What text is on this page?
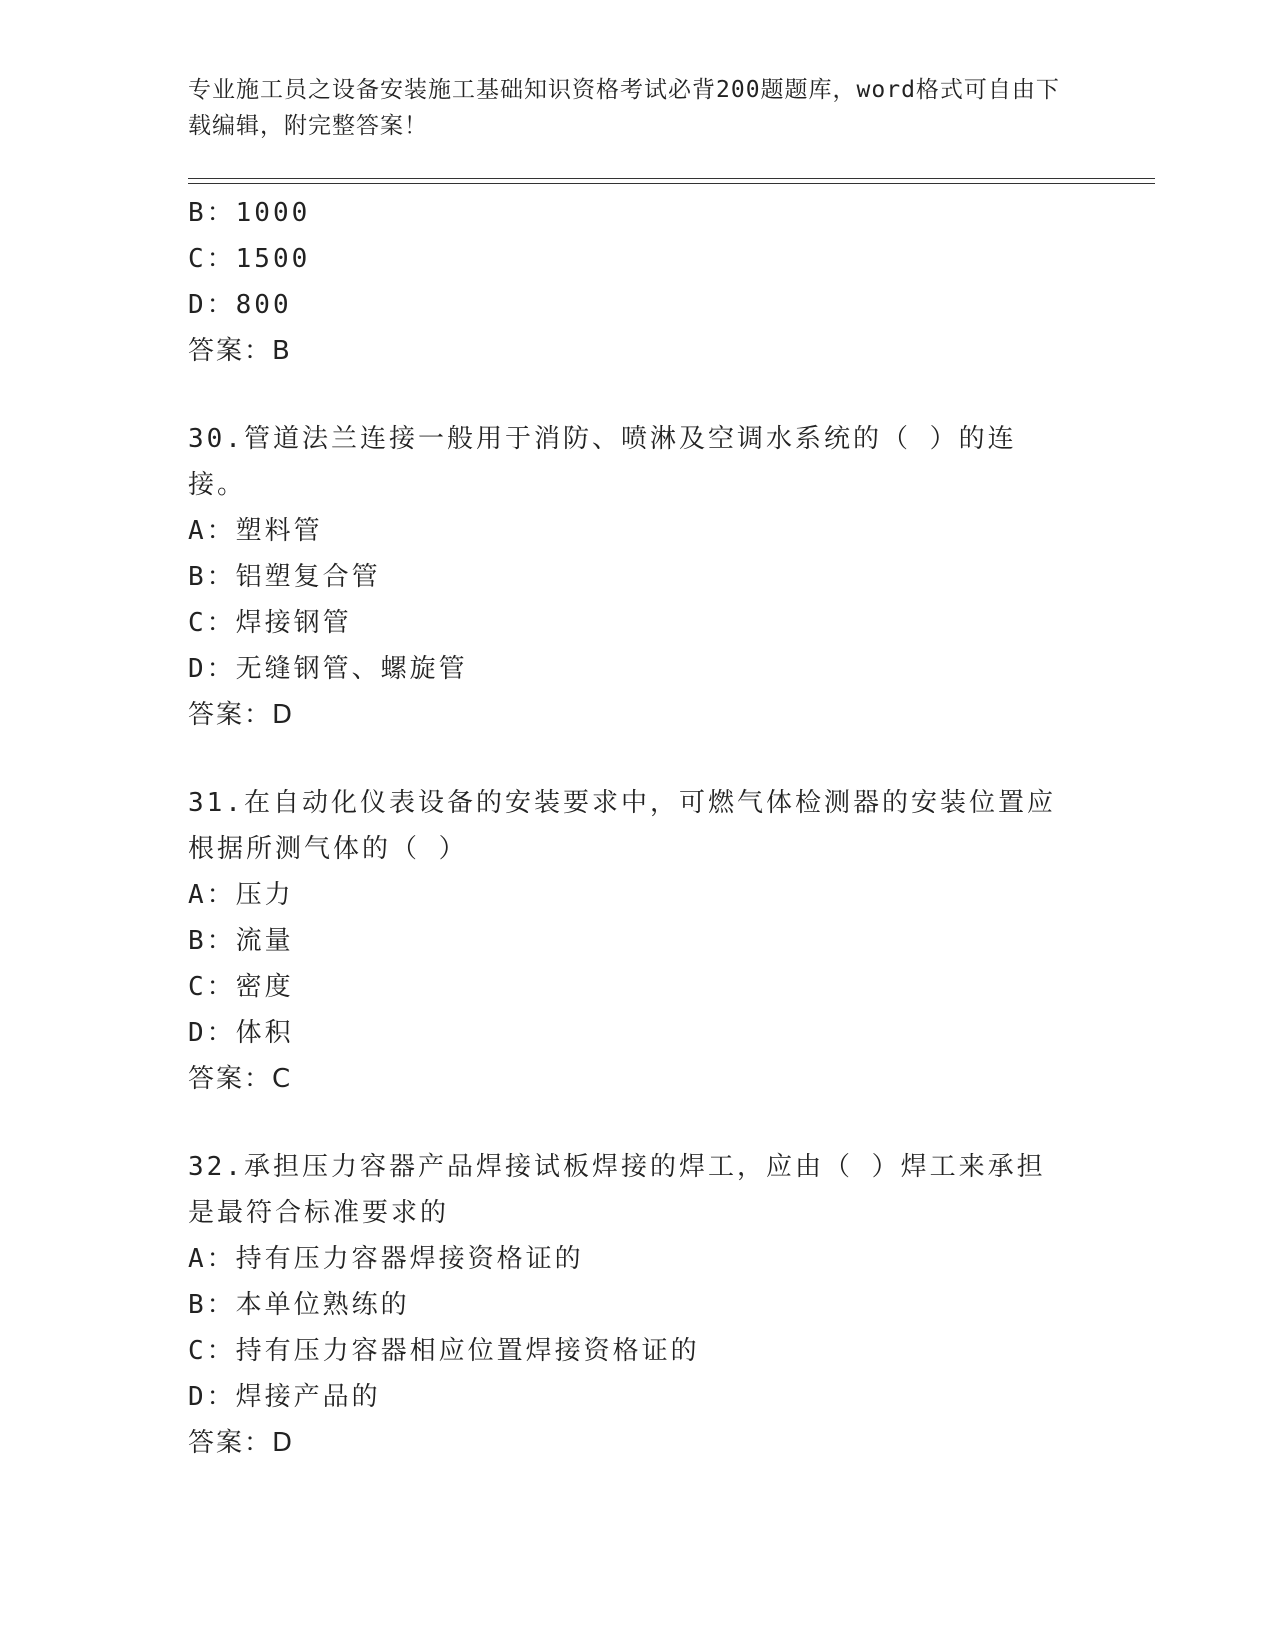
专业施工员之设备安装施工基础知识资格考试必背200题题库，word格式可自由下载编辑，附完整答案！
B：1000
C：1500
D：800
答案：B
30.管道法兰连接一般用于消防、喷淋及空调水系统的（ ）的连接。
A：塑料管
B：铝塑复合管
C：焊接钢管
D：无缝钢管、螺旋管
答案：D
31.在自动化仪表设备的安装要求中，可燃气体检测器的安装位置应根据所测气体的（ ）
A：压力
B：流量
C：密度
D：体积
答案：C
32.承担压力容器产品焊接试板焊接的焊工，应由（ ）焊工来承担是最符合标准要求的
A：持有压力容器焊接资格证的
B：本单位熟练的
C：持有压力容器相应位置焊接资格证的
D：焊接产品的
答案：D
